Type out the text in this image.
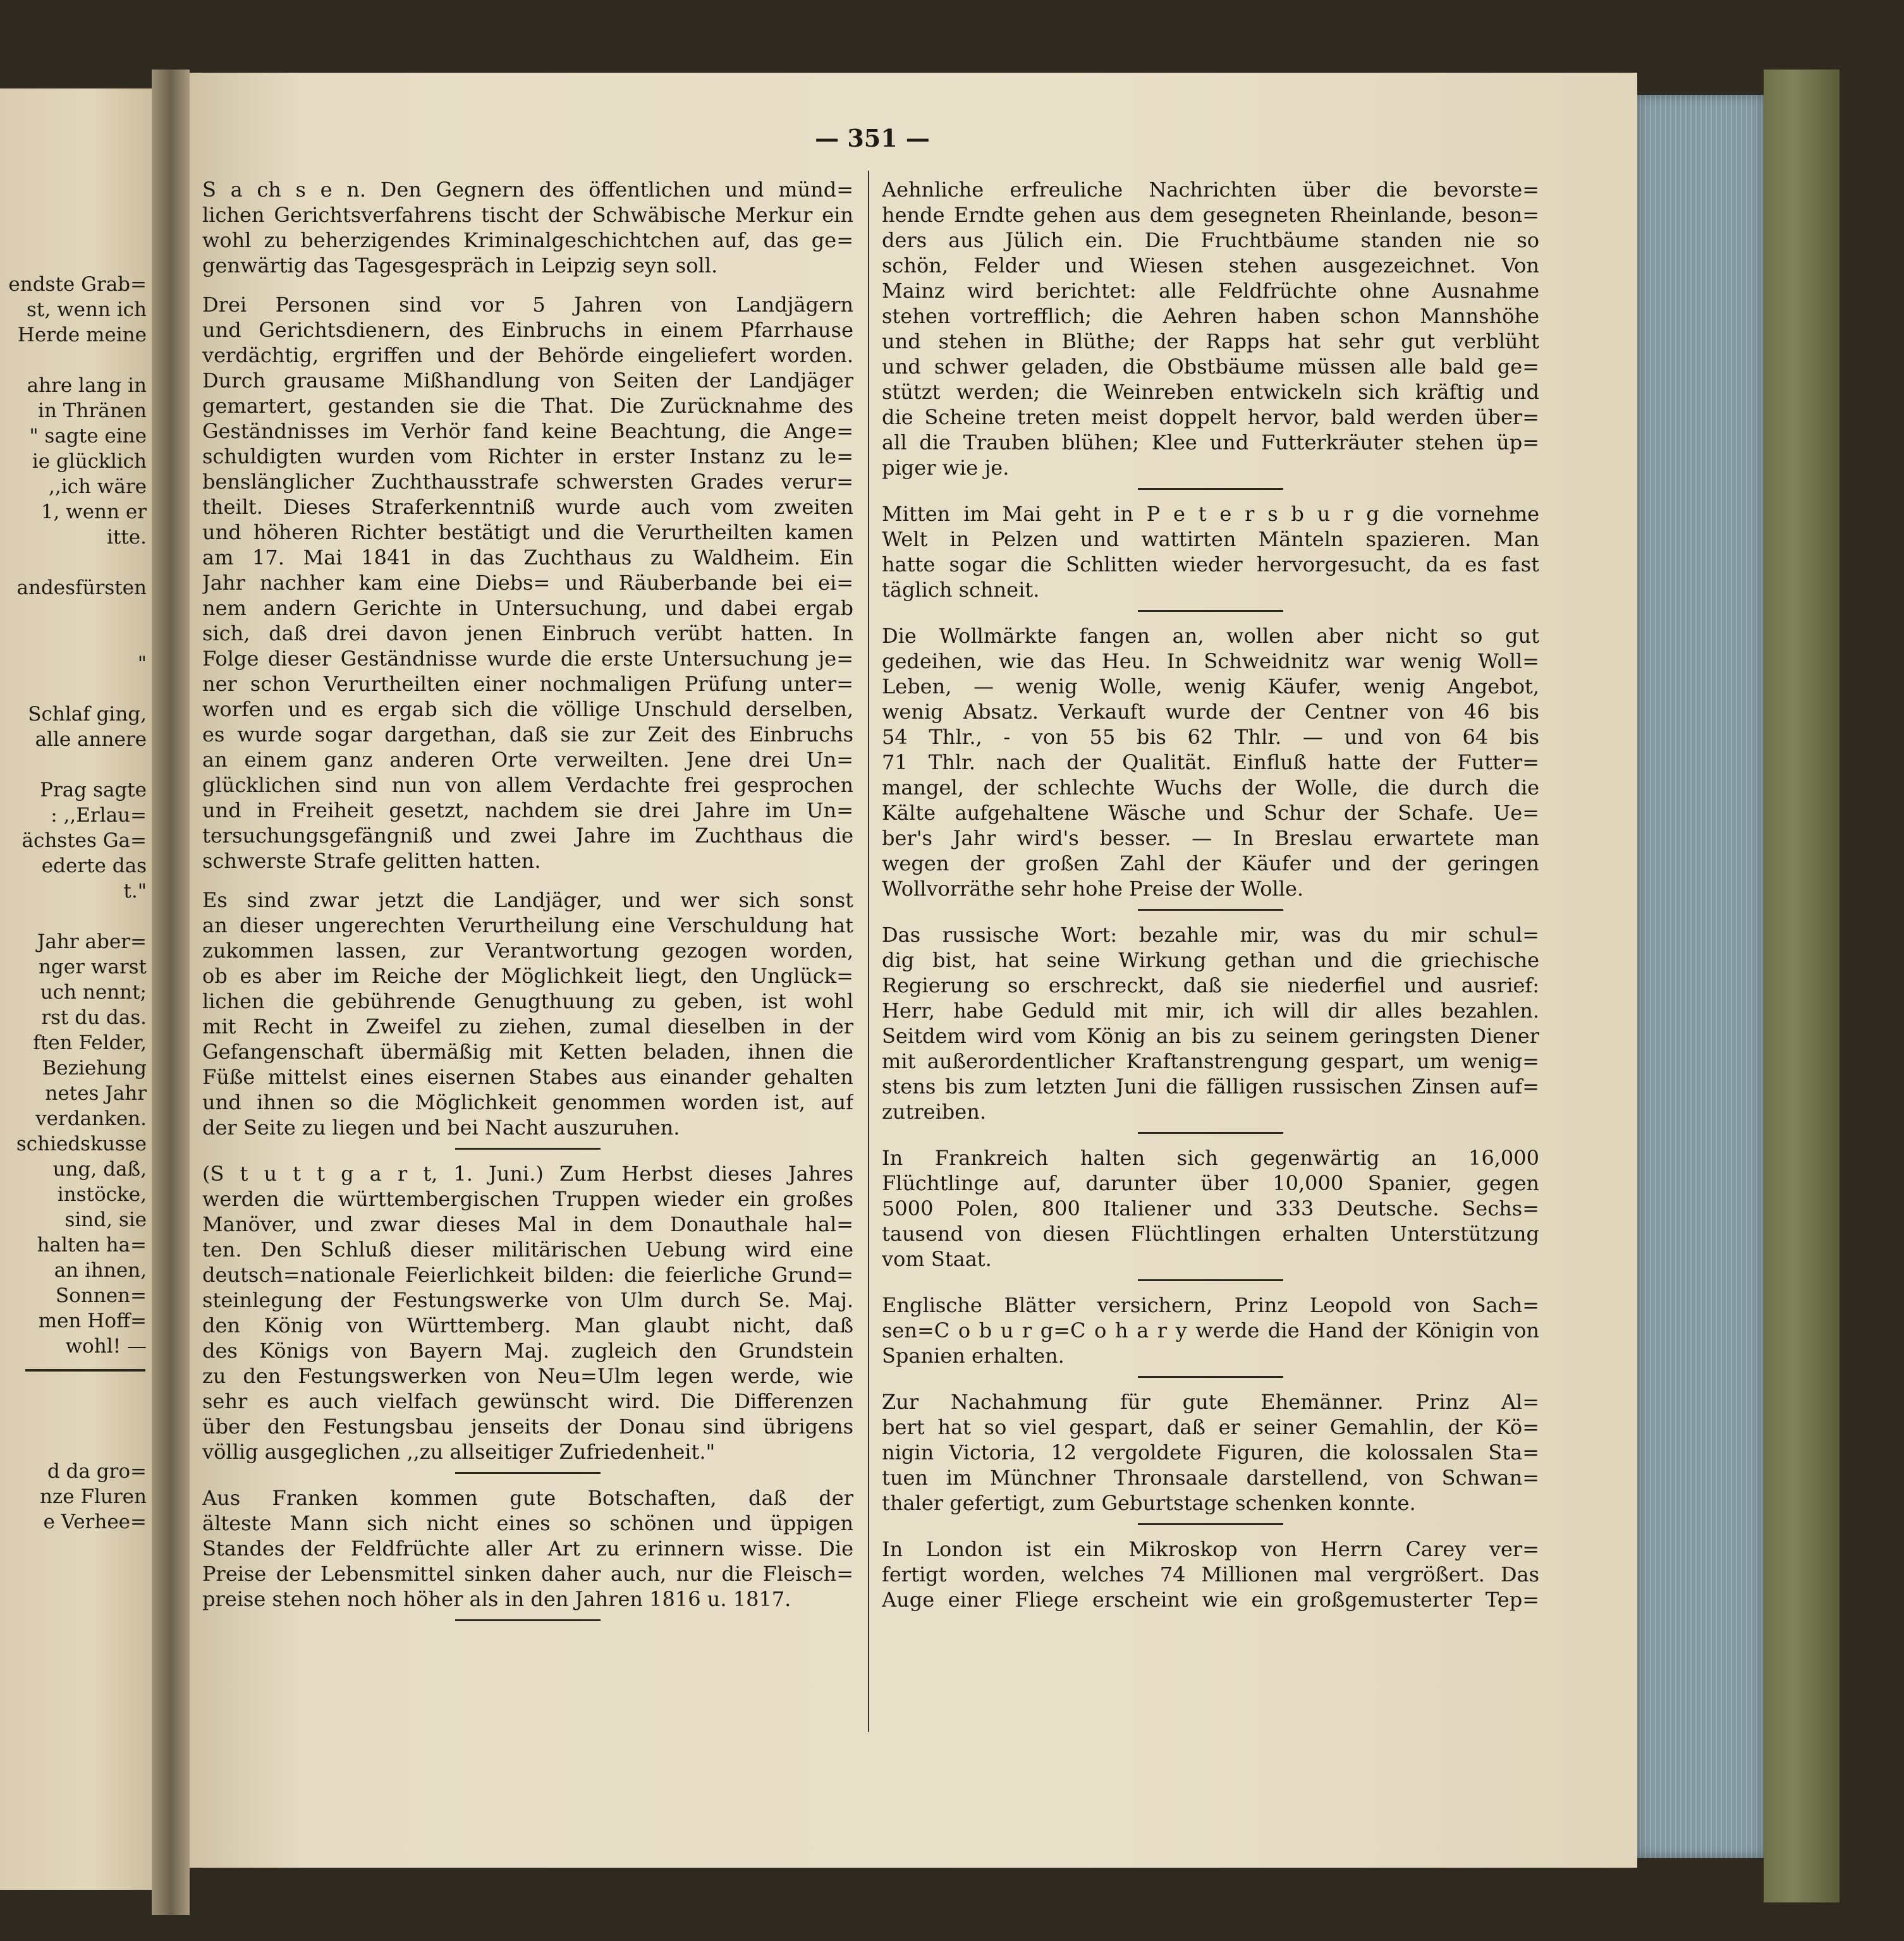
— 351 —
endste Grab=
st, wenn ich
Herde meine
ahre lang in
in Thränen
" sagte eine
ie glücklich
,,ich wäre
1, wenn er
itte.
andesfürsten
"
Schlaf ging,
alle annere
Prag sagte
: ,,Erlau=
ächstes Ga=
ederte das
t."
Jahr aber=
nger warst
uch nennt;
rst du das.
ften Felder,
Beziehung
netes Jahr
verdanken.
schiedskusse
ung, daß,
instöcke,
sind, sie
halten ha=
an ihnen,
Sonnen=
men Hoff=
wohl! —
d da gro=
nze Fluren
e Verhee=
S a ch s e n. Den Gegnern des öffentlichen und münd=
lichen Gerichtsverfahrens tischt der Schwäbische Merkur ein
wohl zu beherzigendes Kriminalgeschichtchen auf, das ge=
genwärtig das Tagesgespräch in Leipzig seyn soll.
Drei Personen sind vor 5 Jahren von Landjägern
und Gerichtsdienern, des Einbruchs in einem Pfarrhause
verdächtig, ergriffen und der Behörde eingeliefert worden.
Durch grausame Mißhandlung von Seiten der Landjäger
gemartert, gestanden sie die That. Die Zurücknahme des
Geständnisses im Verhör fand keine Beachtung, die Ange=
schuldigten wurden vom Richter in erster Instanz zu le=
benslänglicher Zuchthausstrafe schwersten Grades verur=
theilt. Dieses Straferkenntniß wurde auch vom zweiten
und höheren Richter bestätigt und die Verurtheilten kamen
am 17. Mai 1841 in das Zuchthaus zu Waldheim. Ein
Jahr nachher kam eine Diebs= und Räuberbande bei ei=
nem andern Gerichte in Untersuchung, und dabei ergab
sich, daß drei davon jenen Einbruch verübt hatten. In
Folge dieser Geständnisse wurde die erste Untersuchung je=
ner schon Verurtheilten einer nochmaligen Prüfung unter=
worfen und es ergab sich die völlige Unschuld derselben,
es wurde sogar dargethan, daß sie zur Zeit des Einbruchs
an einem ganz anderen Orte verweilten. Jene drei Un=
glücklichen sind nun von allem Verdachte frei gesprochen
und in Freiheit gesetzt, nachdem sie drei Jahre im Un=
tersuchungsgefängniß und zwei Jahre im Zuchthaus die
schwerste Strafe gelitten hatten.
Es sind zwar jetzt die Landjäger, und wer sich sonst
an dieser ungerechten Verurtheilung eine Verschuldung hat
zukommen lassen, zur Verantwortung gezogen worden,
ob es aber im Reiche der Möglichkeit liegt, den Unglück=
lichen die gebührende Genugthuung zu geben, ist wohl
mit Recht in Zweifel zu ziehen, zumal dieselben in der
Gefangenschaft übermäßig mit Ketten beladen, ihnen die
Füße mittelst eines eisernen Stabes aus einander gehalten
und ihnen so die Möglichkeit genommen worden ist, auf
der Seite zu liegen und bei Nacht auszuruhen.
(S t u t t g a r t, 1. Juni.) Zum Herbst dieses Jahres
werden die württembergischen Truppen wieder ein großes
Manöver, und zwar dieses Mal in dem Donauthale hal=
ten. Den Schluß dieser militärischen Uebung wird eine
deutsch=nationale Feierlichkeit bilden: die feierliche Grund=
steinlegung der Festungswerke von Ulm durch Se. Maj.
den König von Württemberg. Man glaubt nicht, daß
des Königs von Bayern Maj. zugleich den Grundstein
zu den Festungswerken von Neu=Ulm legen werde, wie
sehr es auch vielfach gewünscht wird. Die Differenzen
über den Festungsbau jenseits der Donau sind übrigens
völlig ausgeglichen ,,zu allseitiger Zufriedenheit."
Aus Franken kommen gute Botschaften, daß der
älteste Mann sich nicht eines so schönen und üppigen
Standes der Feldfrüchte aller Art zu erinnern wisse. Die
Preise der Lebensmittel sinken daher auch, nur die Fleisch=
preise stehen noch höher als in den Jahren 1816 u. 1817.
Aehnliche erfreuliche Nachrichten über die bevorste=
hende Erndte gehen aus dem gesegneten Rheinlande, beson=
ders aus Jülich ein. Die Fruchtbäume standen nie so
schön, Felder und Wiesen stehen ausgezeichnet. Von
Mainz wird berichtet: alle Feldfrüchte ohne Ausnahme
stehen vortrefflich; die Aehren haben schon Mannshöhe
und stehen in Blüthe; der Rapps hat sehr gut verblüht
und schwer geladen, die Obstbäume müssen alle bald ge=
stützt werden; die Weinreben entwickeln sich kräftig und
die Scheine treten meist doppelt hervor, bald werden über=
all die Trauben blühen; Klee und Futterkräuter stehen üp=
piger wie je.
Mitten im Mai geht in P e t e r s b u r g die vornehme
Welt in Pelzen und wattirten Mänteln spazieren. Man
hatte sogar die Schlitten wieder hervorgesucht, da es fast
täglich schneit.
Die Wollmärkte fangen an, wollen aber nicht so gut
gedeihen, wie das Heu. In Schweidnitz war wenig Woll=
Leben, — wenig Wolle, wenig Käufer, wenig Angebot,
wenig Absatz. Verkauft wurde der Centner von 46 bis
54 Thlr., - von 55 bis 62 Thlr. — und von 64 bis
71 Thlr. nach der Qualität. Einfluß hatte der Futter=
mangel, der schlechte Wuchs der Wolle, die durch die
Kälte aufgehaltene Wäsche und Schur der Schafe. Ue=
ber's Jahr wird's besser. — In Breslau erwartete man
wegen der großen Zahl der Käufer und der geringen
Wollvorräthe sehr hohe Preise der Wolle.
Das russische Wort: bezahle mir, was du mir schul=
dig bist, hat seine Wirkung gethan und die griechische
Regierung so erschreckt, daß sie niederfiel und ausrief:
Herr, habe Geduld mit mir, ich will dir alles bezahlen.
Seitdem wird vom König an bis zu seinem geringsten Diener
mit außerordentlicher Kraftanstrengung gespart, um wenig=
stens bis zum letzten Juni die fälligen russischen Zinsen auf=
zutreiben.
In Frankreich halten sich gegenwärtig an 16,000
Flüchtlinge auf, darunter über 10,000 Spanier, gegen
5000 Polen, 800 Italiener und 333 Deutsche. Sechs=
tausend von diesen Flüchtlingen erhalten Unterstützung
vom Staat.
Englische Blätter versichern, Prinz Leopold von Sach=
sen=C o b u r g=C o h a r y werde die Hand der Königin von
Spanien erhalten.
Zur Nachahmung für gute Ehemänner. Prinz Al=
bert hat so viel gespart, daß er seiner Gemahlin, der Kö=
nigin Victoria, 12 vergoldete Figuren, die kolossalen Sta=
tuen im Münchner Thronsaale darstellend, von Schwan=
thaler gefertigt, zum Geburtstage schenken konnte.
In London ist ein Mikroskop von Herrn Carey ver=
fertigt worden, welches 74 Millionen mal vergrößert. Das
Auge einer Fliege erscheint wie ein großgemusterter Tep=
